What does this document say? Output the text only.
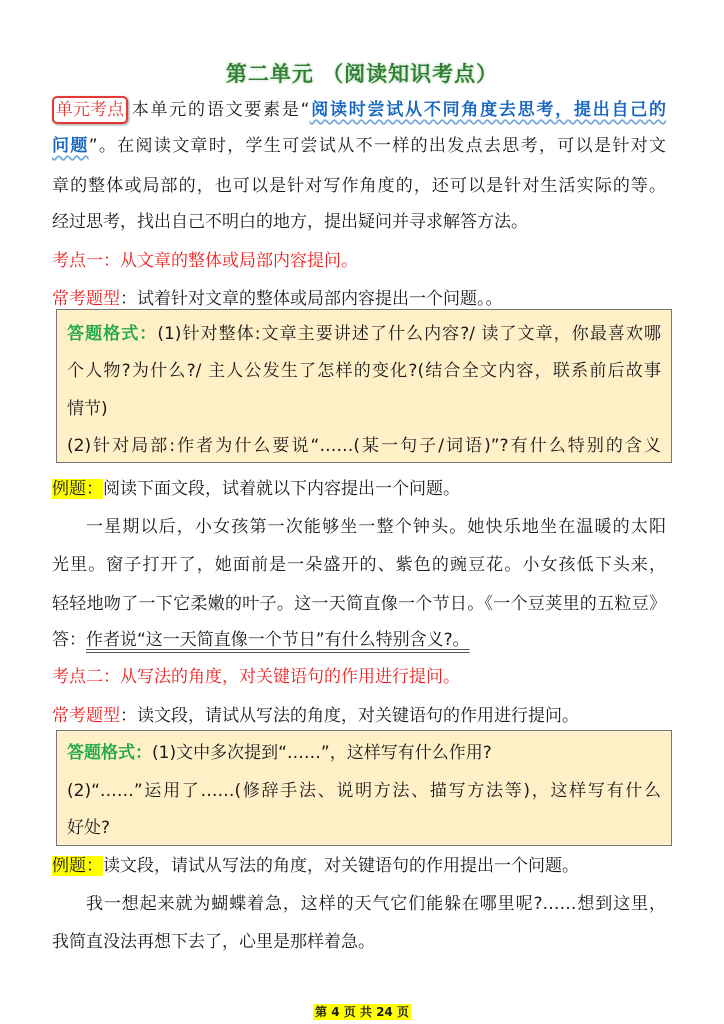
第二单元 （阅读知识考点）
单元考点 本单元的语文要素是“阅读时尝试从不同角度去思考，提出自己的
问题”。在阅读文章时，学生可尝试从不一样的出发点去思考，可以是针对文
章的整体或局部的，也可以是针对写作角度的，还可以是针对生活实际的等。
经过思考，找出自己不明白的地方，提出疑问并寻求解答方法。
考点一：从文章的整体或局部内容提问。
常考题型：试着针对文章的整体或局部内容提出一个问题。。
答题格式：(1)针对整体:文章主要讲述了什么内容?/ 读了文章，你最喜欢哪
个人物?为什么?/ 主人公发生了怎样的变化?(结合全文内容，联系前后故事
情节)
(2)针对局部:作者为什么要说“……(某一句子/词语)”?有什么特别的含义
例题：阅读下面文段，试着就以下内容提出一个问题。
一星期以后，小女孩第一次能够坐一整个钟头。她快乐地坐在温暖的太阳
光里。窗子打开了，她面前是一朵盛开的、紫色的豌豆花。小女孩低下头来，
轻轻地吻了一下它柔嫩的叶子。这一天简直像一个节日。《一个豆荚里的五粒豆》
答：作者说“这一天简直像一个节日”有什么特别含义?。
考点二：从写法的角度，对关键语句的作用进行提问。
常考题型：读文段，请试从写法的角度，对关键语句的作用进行提问。
答题格式：(1)文中多次提到“……”，这样写有什么作用?
(2)“……”运用了……(修辞手法、说明方法、描写方法等)，这样写有什么
好处?
例题：读文段，请试从写法的角度，对关键语句的作用提出一个问题。
我一想起来就为蝴蝶着急，这样的天气它们能躲在哪里呢?……想到这里，
我简直没法再想下去了，心里是那样着急。
第 4 页 共 24 页
